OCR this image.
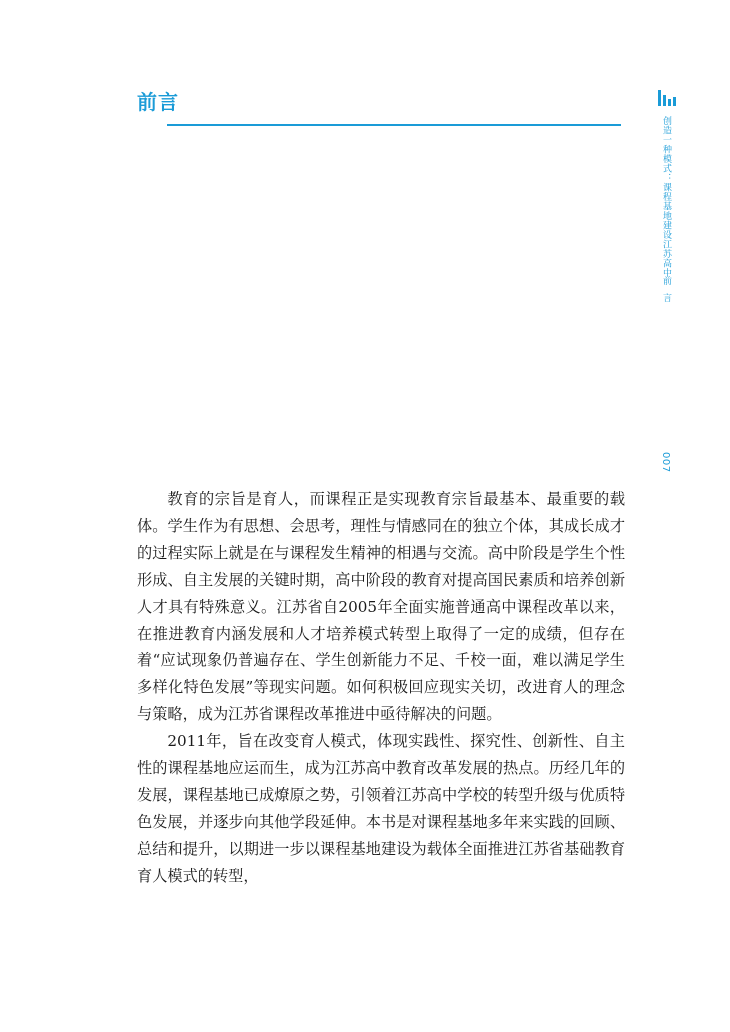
前言
创造一种模式：课程基地建设江苏高中
前言
007

教育的宗旨是育人，而课程正是实现教育宗旨最基本、最重要的载体。学生作为有思想、会思考，理性与情感同在的独立个体，其成长成才的过程实际上就是在与课程发生精神的相遇与交流。高中阶段是学生个性形成、自主发展的关键时期，高中阶段的教育对提高国民素质和培养创新人才具有特殊意义。江苏省自2005年全面实施普通高中课程改革以来，在推进教育内涵发展和人才培养模式转型上取得了一定的成绩，但存在着“应试现象仍普遍存在、学生创新能力不足、千校一面，难以满足学生多样化特色发展”等现实问题。如何积极回应现实关切，改进育人的理念与策略，成为江苏省课程改革推进中亟待解决的问题。

2011年，旨在改变育人模式，体现实践性、探究性、创新性、自主性的课程基地应运而生，成为江苏高中教育改革发展的热点。历经几年的发展，课程基地已成燎原之势，引领着江苏高中学校的转型升级与优质特色发展，并逐步向其他学段延伸。本书是对课程基地多年来实践的回顾、总结和提升，以期进一步以课程基地建设为载体全面推进江苏省基础教育育人模式的转型，
